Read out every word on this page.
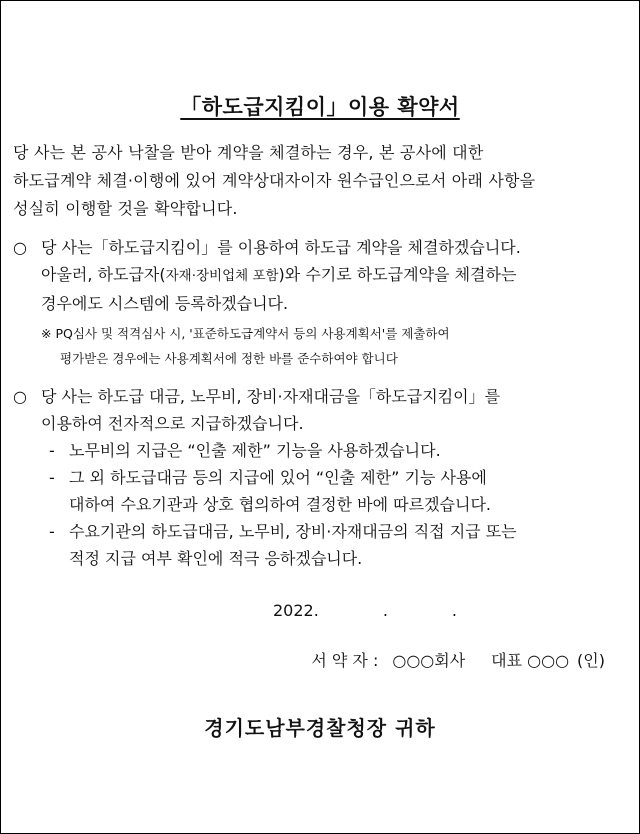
「하도급지킴이」이용 확약서
당 사는 본 공사 낙찰을 받아 계약을 체결하는 경우, 본 공사에 대한
하도급계약 체결·이행에 있어 계약상대자이자 원수급인으로서 아래 사항을
성실히 이행할 것을 확약합니다.
○ 당 사는「하도급지킴이」를 이용하여 하도급 계약을 체결하겠습니다.
아울러, 하도급자(자재·장비업체 포함)와 수기로 하도급계약을 체결하는
경우에도 시스템에 등록하겠습니다.
※ PQ심사 및 적격심사 시, '표준하도급계약서 등의 사용계획서'를 제출하여
평가받은 경우에는 사용계획서에 정한 바를 준수하여야 합니다
○ 당 사는 하도급 대금, 노무비, 장비·자재대금을「하도급지킴이」를
이용하여 전자적으로 지급하겠습니다.
- 노무비의 지급은 “인출 제한” 기능을 사용하겠습니다.
- 그 외 하도급대금 등의 지급에 있어 “인출 제한” 기능 사용에
대하여 수요기관과 상호 협의하여 결정한 바에 따르겠습니다.
- 수요기관의 하도급대금, 노무비, 장비·자재대금의 직접 지급 또는
적정 지급 여부 확인에 적극 응하겠습니다.
2022.	.	.
서 약 자 : ○○○회사 대표 ○○○ (인)
경기도남부경찰청장 귀하
